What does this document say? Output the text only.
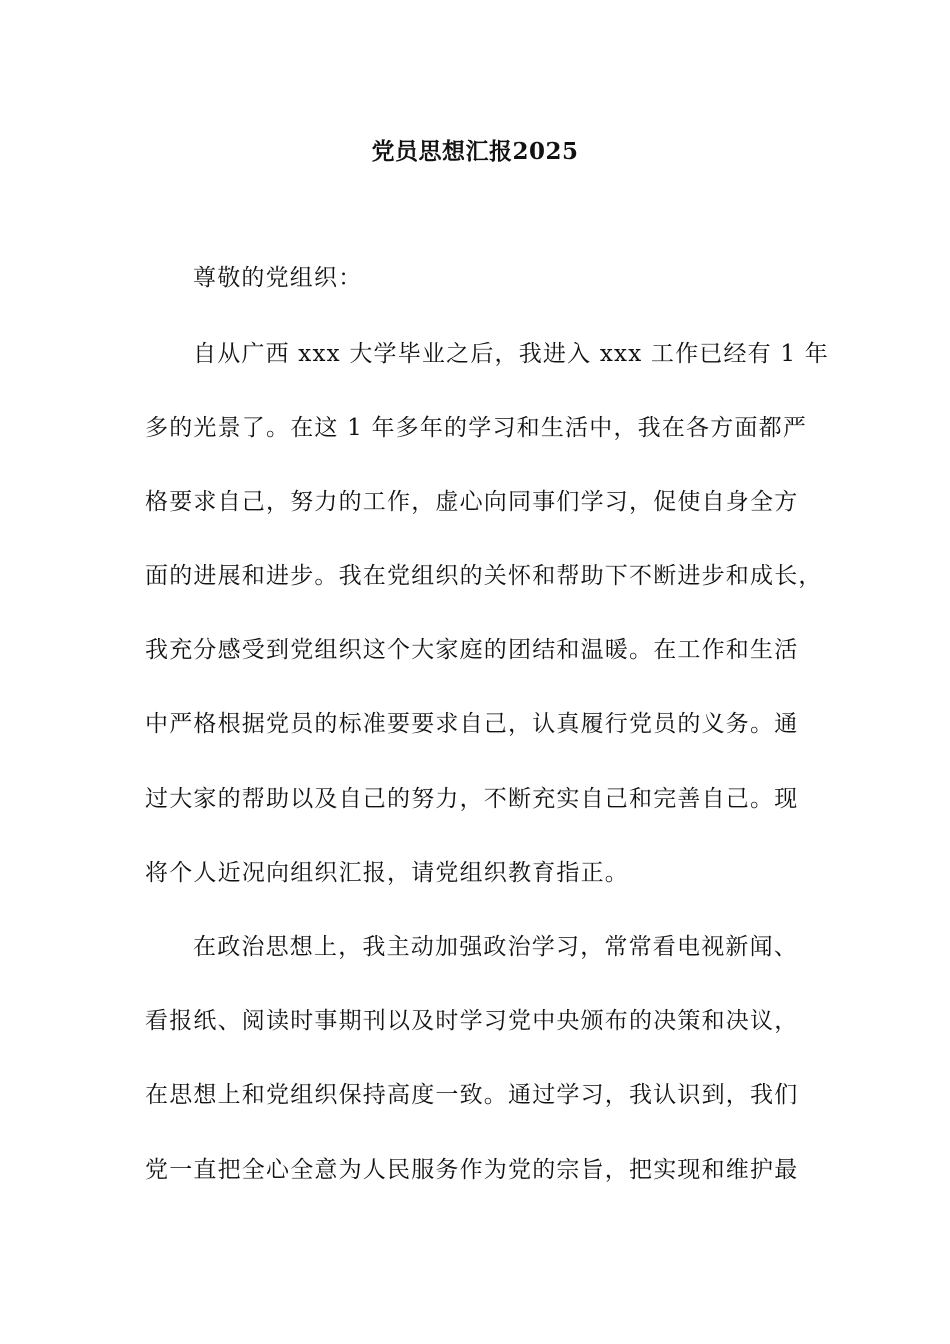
党员思想汇报2025
尊敬的党组织：
自从广西 xxx 大学毕业之后，我进入 xxx 工作已经有 1 年
多的光景了。在这 1 年多年的学习和生活中，我在各方面都严
格要求自己，努力的工作，虚心向同事们学习，促使自身全方
面的进展和进步。我在党组织的关怀和帮助下不断进步和成长，
我充分感受到党组织这个大家庭的团结和温暖。在工作和生活
中严格根据党员的标准要要求自己，认真履行党员的义务。通
过大家的帮助以及自己的努力，不断充实自己和完善自己。现
将个人近况向组织汇报，请党组织教育指正。
在政治思想上，我主动加强政治学习，常常看电视新闻、
看报纸、阅读时事期刊以及时学习党中央颁布的决策和决议，
在思想上和党组织保持高度一致。通过学习，我认识到，我们
党一直把全心全意为人民服务作为党的宗旨，把实现和维护最
